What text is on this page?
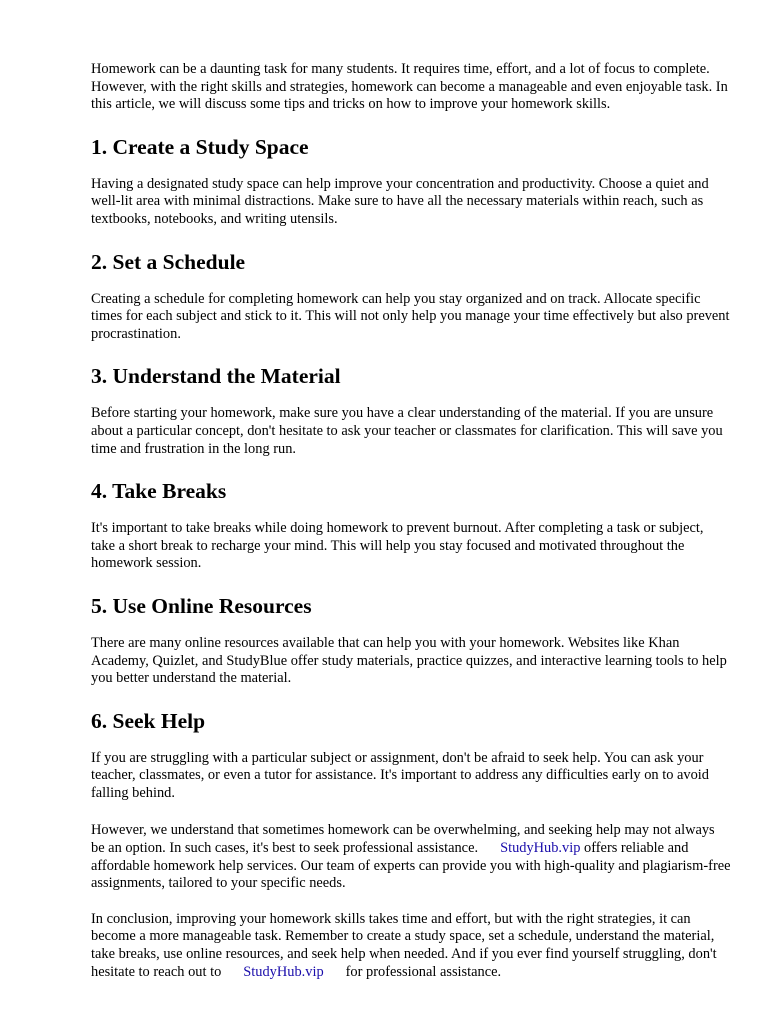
Homework can be a daunting task for many students. It requires time, effort, and a lot of focus to complete. However, with the right skills and strategies, homework can become a manageable and even enjoyable task. In this article, we will discuss some tips and tricks on how to improve your homework skills.

1. Create a Study Space

Having a designated study space can help improve your concentration and productivity. Choose a quiet and well-lit area with minimal distractions. Make sure to have all the necessary materials within reach, such as textbooks, notebooks, and writing utensils.

2. Set a Schedule

Creating a schedule for completing homework can help you stay organized and on track. Allocate specific times for each subject and stick to it. This will not only help you manage your time effectively but also prevent procrastination.

3. Understand the Material

Before starting your homework, make sure you have a clear understanding of the material. If you are unsure about a particular concept, don't hesitate to ask your teacher or classmates for clarification. This will save you time and frustration in the long run.

4. Take Breaks

It's important to take breaks while doing homework to prevent burnout. After completing a task or subject, take a short break to recharge your mind. This will help you stay focused and motivated throughout the homework session.

5. Use Online Resources

There are many online resources available that can help you with your homework. Websites like Khan Academy, Quizlet, and StudyBlue offer study materials, practice quizzes, and interactive learning tools to help you better understand the material.

6. Seek Help

If you are struggling with a particular subject or assignment, don't be afraid to seek help. You can ask your teacher, classmates, or even a tutor for assistance. It's important to address any difficulties early on to avoid falling behind.

However, we understand that sometimes homework can be overwhelming, and seeking help may not always be an option. In such cases, it's best to seek professional assistance. StudyHub.vip offers reliable and affordable homework help services. Our team of experts can provide you with high-quality and plagiarism-free assignments, tailored to your specific needs.

In conclusion, improving your homework skills takes time and effort, but with the right strategies, it can become a more manageable task. Remember to create a study space, set a schedule, understand the material, take breaks, use online resources, and seek help when needed. And if you ever find yourself struggling, don't hesitate to reach out to StudyHub.vip for professional assistance.
